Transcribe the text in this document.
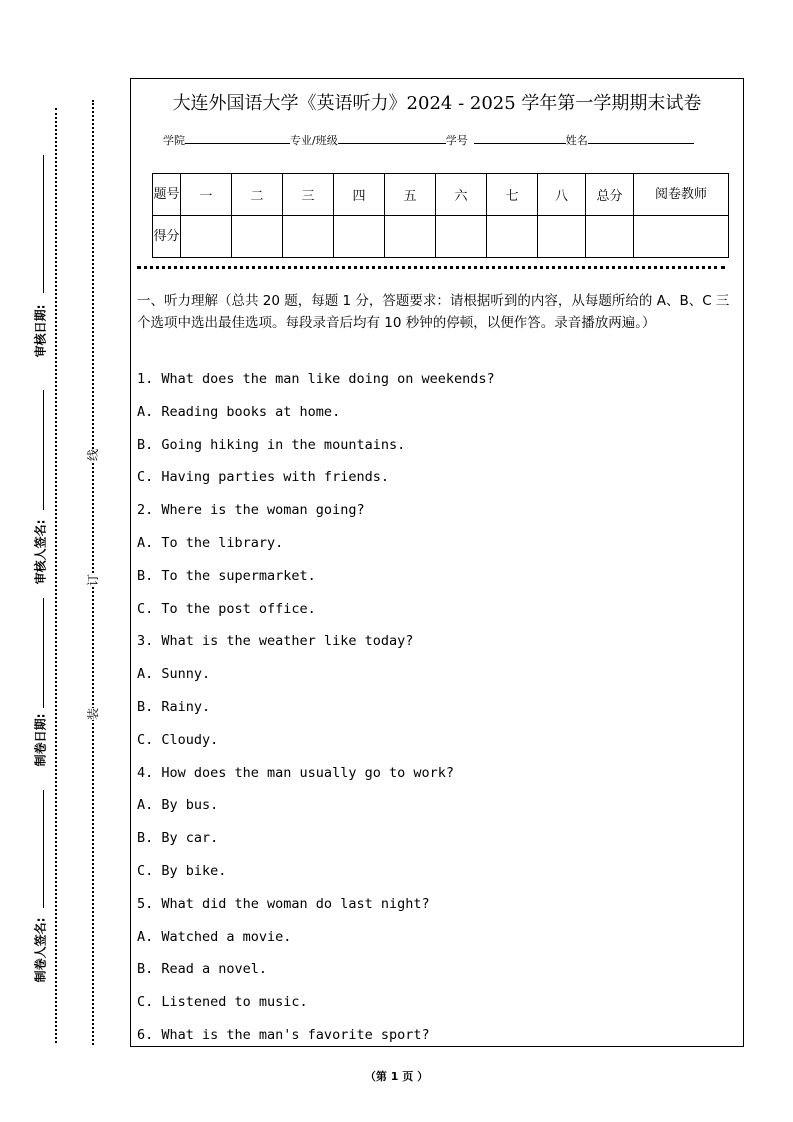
审核日期:
审核人签名:
制卷日期:
制卷人签名:
线
订
装
大连外国语大学《英语听力》2024 - 2025 学年第一学期期末试卷
学院	专业/班级	学号	姓名
题号	一	二	三	四	五	六	七	八	总分	阅卷教师
得分										
一、听力理解（总共 20 题，每题 1 分，答题要求：请根据听到的内容，从每题所给的 A、B、C 三个选项中选出最佳选项。每段录音后均有 10 秒钟的停顿，以便作答。录音播放两遍。）
1. What does the man like doing on weekends?
A. Reading books at home.
B. Going hiking in the mountains.
C. Having parties with friends.
2. Where is the woman going?
A. To the library.
B. To the supermarket.
C. To the post office.
3. What is the weather like today?
A. Sunny.
B. Rainy.
C. Cloudy.
4. How does the man usually go to work?
A. By bus.
B. By car.
C. By bike.
5. What did the woman do last night?
A. Watched a movie.
B. Read a novel.
C. Listened to music.
6. What is the man's favorite sport?
（第 1 页 ）
